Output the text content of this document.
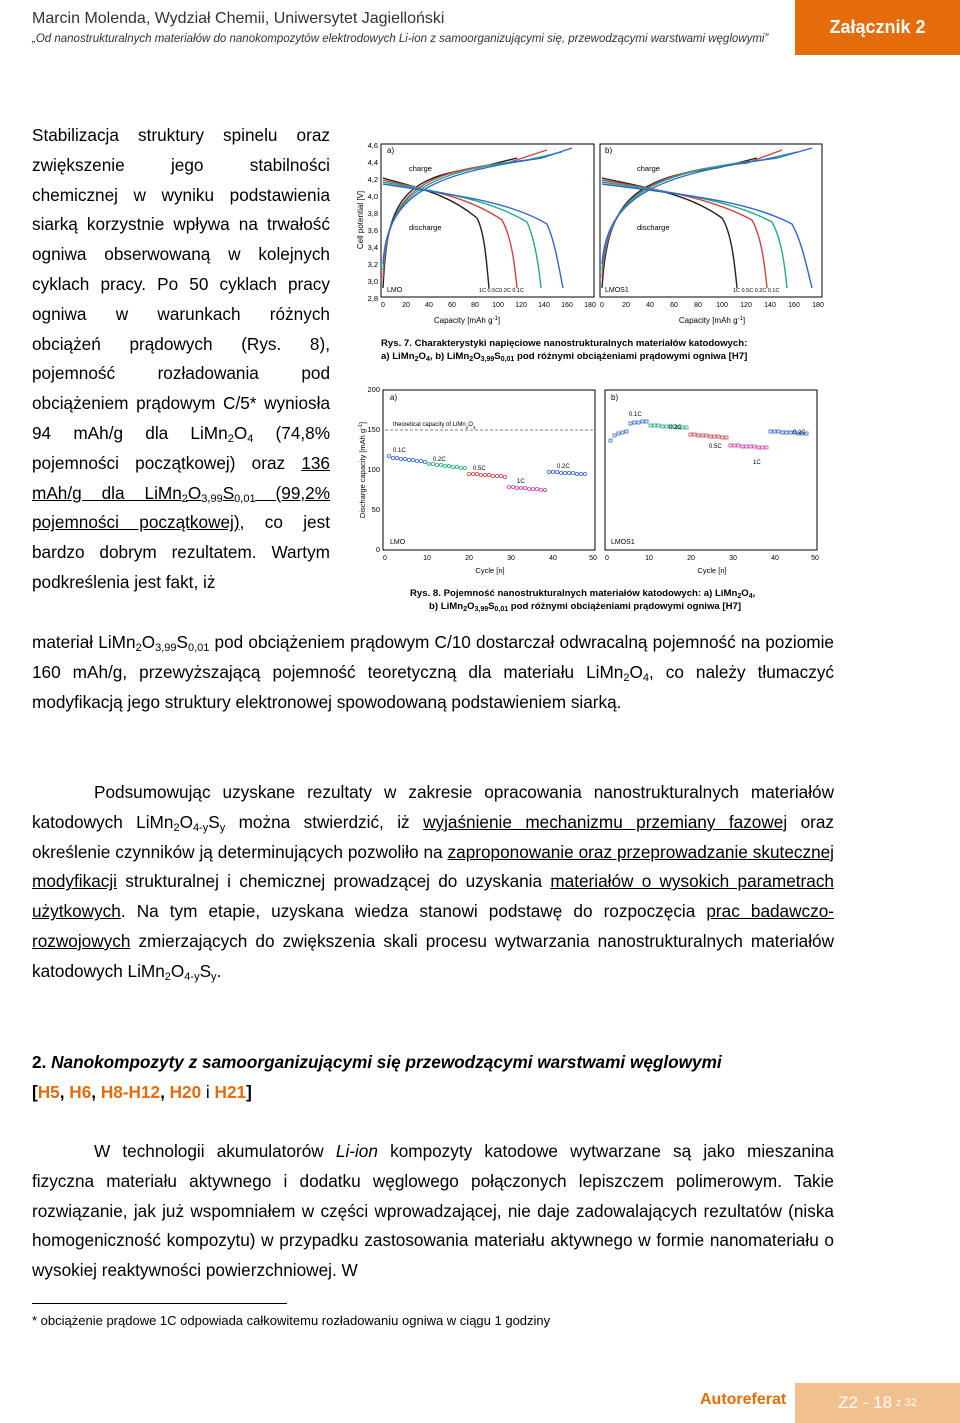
Marcin Molenda, Wydział Chemii, Uniwersytet Jagielloński
„Od nanostrukturalnych materiałów do nanokompozytów elektrodowych Li-ion z samoorganizującymi się, przewodzącymi warstwami węglowymi”
Załącznik 2
Stabilizacja struktury spinelu oraz zwiększenie jego stabilności chemicznej w wyniku podstawienia siarką korzystnie wpływa na trwałość ogniwa obserwowaną w kolejnych cyklach pracy. Po 50 cyklach pracy ogniwa w warunkach różnych obciążeń prądowych (Rys. 8), pojemność rozładowania pod obciążeniem prądowym C/5* wyniosła 94 mAh/g dla $LiMn_2O_4$ (74,8% pojemności początkowej) oraz 136 mAh/g dla $LiMn_2O_{3,99}S_{0,01}$ (99,2% pojemności początkowej), co jest bardzo dobrym rezultatem. Wartym podkreślenia jest fakt, iż
4,6
4,4
4,2
4,0
3,8
3,6
3,4
3,2
3,0
2,8
Cell potential [V]
0 20 40 60 80 100 120 140 160 180 0	20 40 60 80 100 120 140 160 180
Capacity [mAh $g^{-1}$]	Capacity [mAh $g^{-1}$]
a)	b)
charge
discharge
charge
discharge
LMO	LMOS1
1C 0.5C0.2C 0.1C	1C 0.5C 0.2C 0.1C
Rys. 7. Charakterystyki napięciowe nanostrukturalnych materiałów katodowych:
a) $LiMn_2O_4$, b) $LiMn_2O_{3,99}S_{0,01}$ pod różnymi obciążeniami prądowymi ogniwa [H7]
200
150
100
50
0
Discharge capacity [mAh $g^{-1}$]
0	10	20	30	40	50 0	10	20	30	40	50
Cycle [n]	Cycle [n]
a)	b)
LMO	LMOS1
theoretical capacity of $LiMn_2O_4$
0.1C
0.2C
0.5C
1C
0.2C
0.1C
0.2C
0.5C
1C
0.2C
Rys. 8. Pojemność nanostrukturalnych materiałów katodowych: a) $LiMn_2O_4$,
b) $LiMn_2O_{3,99}S_{0,01}$ pod różnymi obciążeniami prądowymi ogniwa [H7]
materiał $LiMn_2O_{3,99}S_{0,01}$ pod obciążeniem prądowym C/10 dostarczał odwracalną pojemność na poziomie 160 mAh/g, przewyższającą pojemność teoretyczną dla materiału $LiMn_2O_4$, co należy tłumaczyć modyfikacją jego struktury elektronowej spowodowaną podstawieniem siarką.
Podsumowując uzyskane rezultaty w zakresie opracowania nanostrukturalnych materiałów katodowych $LiMn_2O_{4-y}S_y$ można stwierdzić, iż wyjaśnienie mechanizmu przemiany fazowej oraz określenie czynników ją determinujących pozwoliło na zaproponowanie oraz przeprowadzanie skutecznej modyfikacji strukturalnej i chemicznej prowadzącej do uzyskania materiałów o wysokich parametrach użytkowych. Na tym etapie, uzyskana wiedza stanowi podstawę do rozpoczęcia prac badawczo-rozwojowych zmierzających do zwiększenia skali procesu wytwarzania nanostrukturalnych materiałów katodowych $LiMn_2O_{4-y}S_y$.
2. Nanokompozyty z samoorganizującymi się przewodzącymi warstwami węglowymi
[H5, H6, H8-H12, H20 i H21]
W technologii akumulatorów Li-ion kompozyty katodowe wytwarzane są jako mieszanina fizyczna materiału aktywnego i dodatku węglowego połączonych lepiszczem polimerowym. Takie rozwiązanie, jak już wspomniałem w części wprowadzającej, nie daje zadowalających rezultatów (niska homogeniczność kompozytu) w przypadku zastosowania materiału aktywnego w formie nanomateriału o wysokiej reaktywności powierzchniowej. W
* obciążenie prądowe 1C odpowiada całkowitemu rozładowaniu ogniwa w ciągu 1 godziny
Autoreferat	Z2 - 18 z 32
